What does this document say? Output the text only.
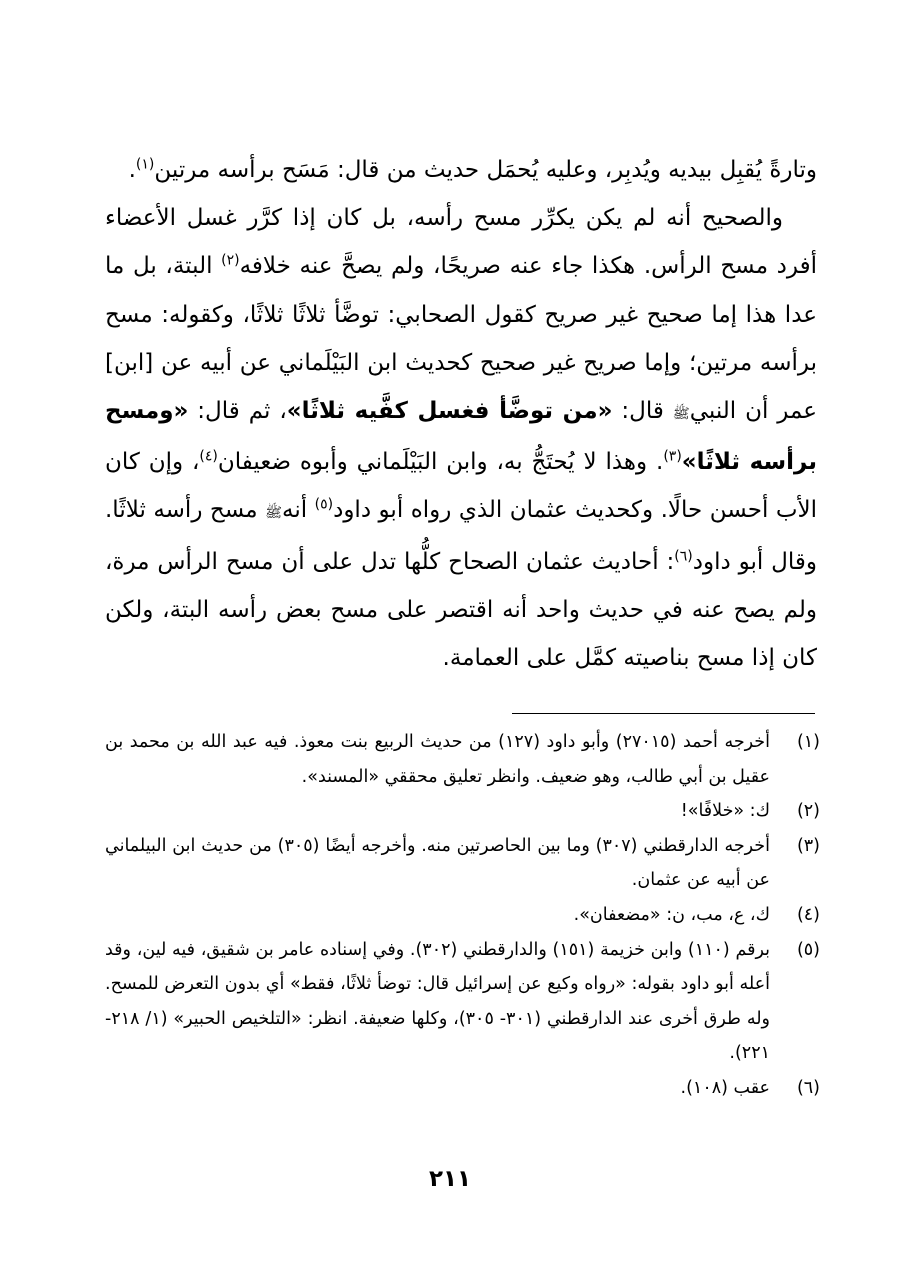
وتارةً يُقبِل بيديه ويُدبِر، وعليه يُحمَل حديث من قال: مَسَح برأسه مرتين$^{(١)}$.

والصحيح أنه لم يكن يكرِّر مسح رأسه، بل كان إذا كرَّر غسل الأعضاء أفرد مسح الرأس. هكذا جاء عنه صريحًا، ولم يصحَّ عنه خلافه$^{(٢)}$ البتة، بل ما عدا هذا إما صحيح غير صريح كقول الصحابي: توضَّأ ثلاثًا ثلاثًا، وكقوله: مسح برأسه مرتين؛ وإما صريح غير صحيح كحديث ابن البَيْلَماني عن أبيه عن [ابن] عمر أن النبيﷺ قال: «من توضَّأ فغسل كفَّيه ثلاثًا»، ثم قال: «ومسح برأسه ثلاثًا»$^{(٣)}$. وهذا لا يُحتَجُّ به، وابن البَيْلَماني وأبوه ضعيفان$^{(٤)}$، وإن كان الأب أحسن حالًا. وكحديث عثمان الذي رواه أبو داود$^{(٥)}$ أنهﷺ مسح رأسه ثلاثًا. وقال أبو داود$^{(٦)}$: أحاديث عثمان الصحاح كلُّها تدل على أن مسح الرأس مرة، ولم يصح عنه في حديث واحد أنه اقتصر على مسح بعض رأسه البتة، ولكن كان إذا مسح بناصيته كمَّل على العمامة.

(١)
أخرجه أحمد (٢٧٠١٥) وأبو داود (١٢٧) من حديث الربيع بنت معوذ. فيه عبد الله بن محمد بن عقيل بن أبي طالب، وهو ضعيف. وانظر تعليق محققي «المسند».
(٢)
ك: «خلافًا»!
(٣)
أخرجه الدارقطني (٣٠٧) وما بين الحاصرتين منه. وأخرجه أيضًا (٣٠٥) من حديث ابن البيلماني عن أبيه عن عثمان.
(٤)
ك، ع، مب، ن: «مضعفان».
(٥)
برقم (١١٠) وابن خزيمة (١٥١) والدارقطني (٣٠٢). وفي إسناده عامر بن شقيق، فيه لين، وقد أعله أبو داود بقوله: «رواه وكيع عن إسرائيل قال: توضأ ثلاثًا، فقط» أي بدون التعرض للمسح. وله طرق أخرى عند الدارقطني (٣٠١- ٣٠٥)، وكلها ضعيفة. انظر: «التلخيص الحبير» (١/ ٢١٨- ٢٢١).
(٦)
عقب (١٠٨).
٢١١
